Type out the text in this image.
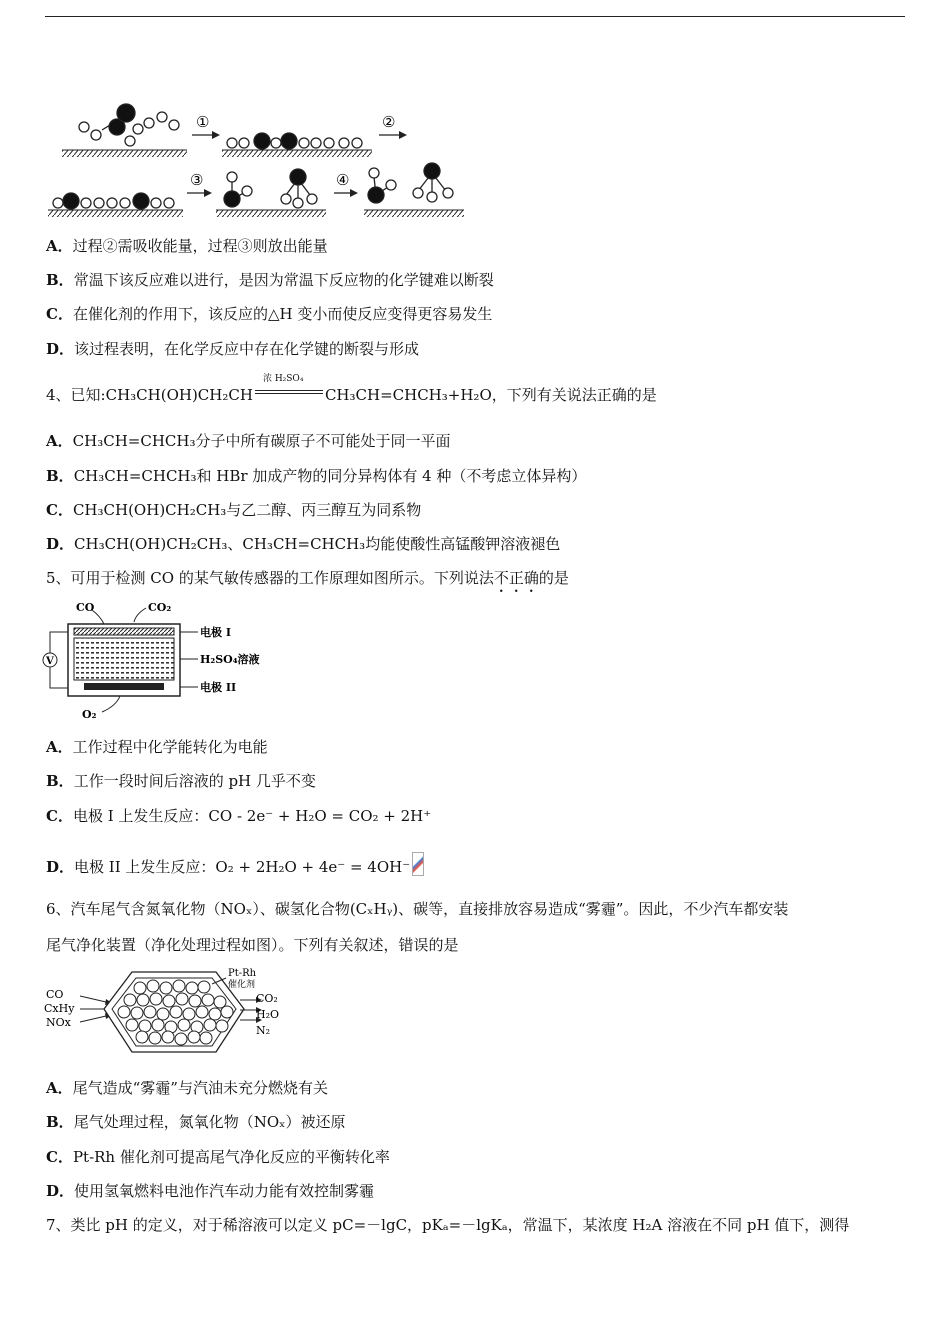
①	②
③	④
A．过程②需吸收能量，过程③则放出能量
B．常温下该反应难以进行，是因为常温下反应物的化学键难以断裂
C．在催化剂的作用下，该反应的△H 变小而使反应变得更容易发生
D．该过程表明，在化学反应中存在化学键的断裂与形成
4、已知:CH₃CH(OH)CH₂CH
浓 H₂SO₄
CH₃CH=CHCH₃+H₂O，下列有关说法正确的是
A．CH₃CH=CHCH₃分子中所有碳原子不可能处于同一平面
B．CH₃CH=CHCH₃和 HBr 加成产物的同分异构体有 4 种（不考虑立体异构）
C．CH₃CH(OH)CH₂CH₃与乙二醇、丙三醇互为同系物
D．CH₃CH(OH)CH₂CH₃、CH₃CH=CHCH₃均能使酸性高锰酸钾溶液褪色
5、可用于检测 CO 的某气敏传感器的工作原理如图所示。下列说法不正确的是
CO	CO₂
V
电极 I
H₂SO₄溶液
电极 II
O₂
A．工作过程中化学能转化为电能
B．工作一段时间后溶液的 pH 几乎不变
C．电极 I 上发生反应：CO - 2e⁻ + H₂O = CO₂ + 2H⁺
D．电极 II 上发生反应：O₂ + 2H₂O + 4e⁻ = 4OH⁻
6、汽车尾气含氮氧化物（NOₓ）、碳氢化合物(CₓHᵧ)、碳等，直接排放容易造成“雾霾”。因此，不少汽车都安装
尾气净化装置（净化处理过程如图）。下列有关叙述，错误的是
CO
CxHy
NOx
Pt-Rh
催化剂
CO₂
H₂O
N₂
A．尾气造成“雾霾”与汽油未充分燃烧有关
B．尾气处理过程，氮氧化物（NOₓ）被还原
C．Pt-Rh 催化剂可提高尾气净化反应的平衡转化率
D．使用氢氧燃料电池作汽车动力能有效控制雾霾
7、类比 pH 的定义，对于稀溶液可以定义 pC=－lgC，pKₐ=－lgKₐ，常温下，某浓度 H₂A 溶液在不同 pH 值下，测得
